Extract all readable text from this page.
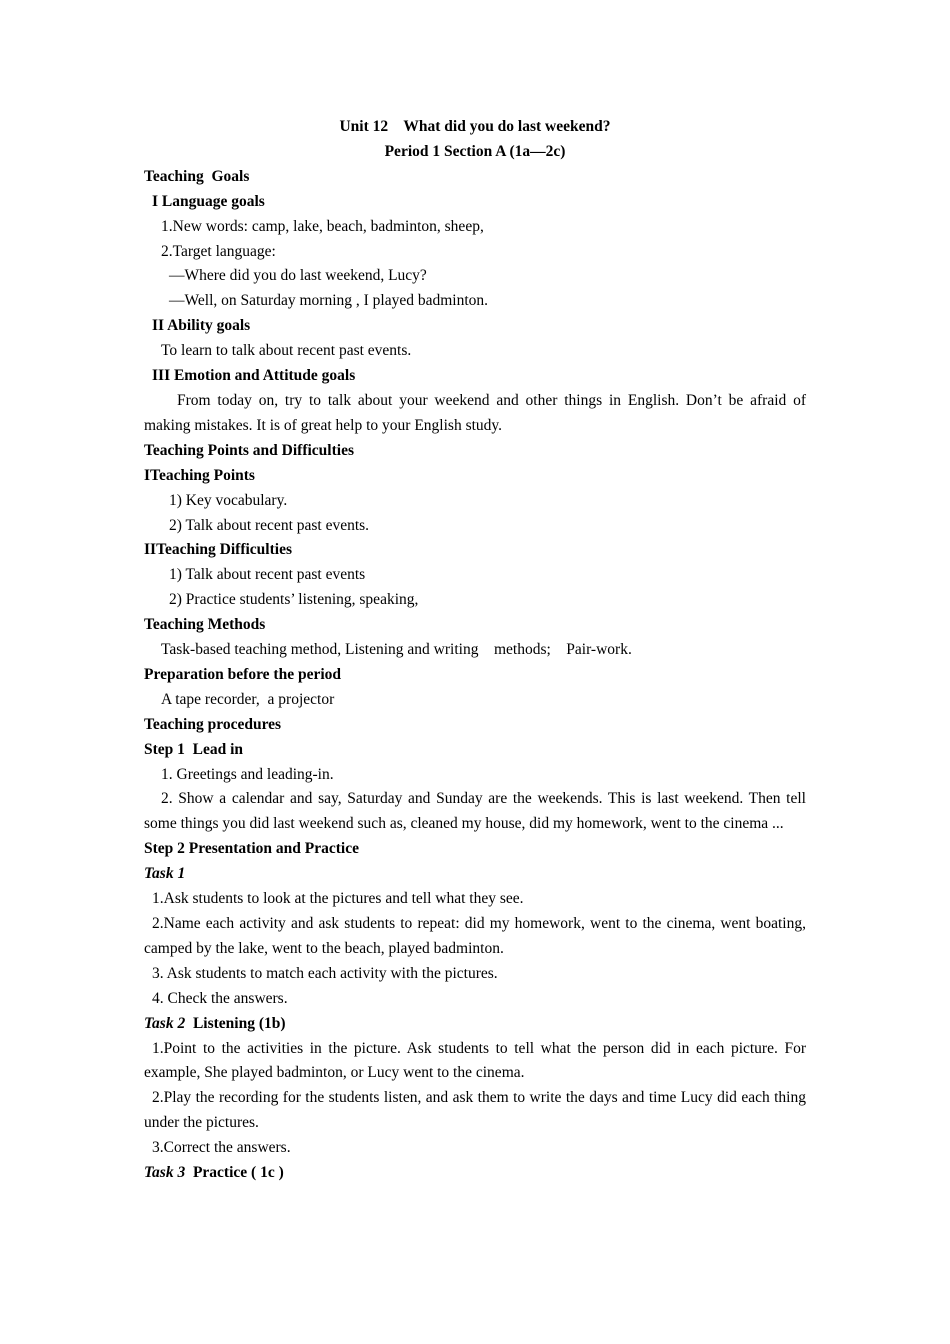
Unit 12    What did you do last weekend?
Period 1 Section A (1a—2c)
Teaching  Goals
I Language goals
1.New words: camp, lake, beach, badminton, sheep,
2.Target language:
—Where did you do last weekend, Lucy?
—Well, on Saturday morning , I played badminton.
II Ability goals
To learn to talk about recent past events.
III Emotion and Attitude goals
From today on, try to talk about your weekend and other things in English. Don’t be afraid of making mistakes. It is of great help to your English study.
Teaching Points and Difficulties
ITeaching Points
1) Key vocabulary.
2) Talk about recent past events.
IITeaching Difficulties
1) Talk about recent past events
2) Practice students’ listening, speaking,
Teaching Methods
Task-based teaching method, Listening and writing    methods;    Pair-work.
Preparation before the period
A tape recorder,  a projector
Teaching procedures
Step 1  Lead in
1. Greetings and leading-in.
2. Show a calendar and say, Saturday and Sunday are the weekends. This is last weekend. Then tell some things you did last weekend such as, cleaned my house, did my homework, went to the cinema ...
Step 2 Presentation and Practice
Task 1
1.Ask students to look at the pictures and tell what they see.
2.Name each activity and ask students to repeat: did my homework, went to the cinema, went boating, camped by the lake, went to the beach, played badminton.
3. Ask students to match each activity with the pictures.
4. Check the answers.
Task 2 Listening (1b)
1.Point to the activities in the picture. Ask students to tell what the person did in each picture. For example, She played badminton, or Lucy went to the cinema.
2.Play the recording for the students listen, and ask them to write the days and time Lucy did each thing under the pictures.
3.Correct the answers.
Task 3 Practice ( 1c )
